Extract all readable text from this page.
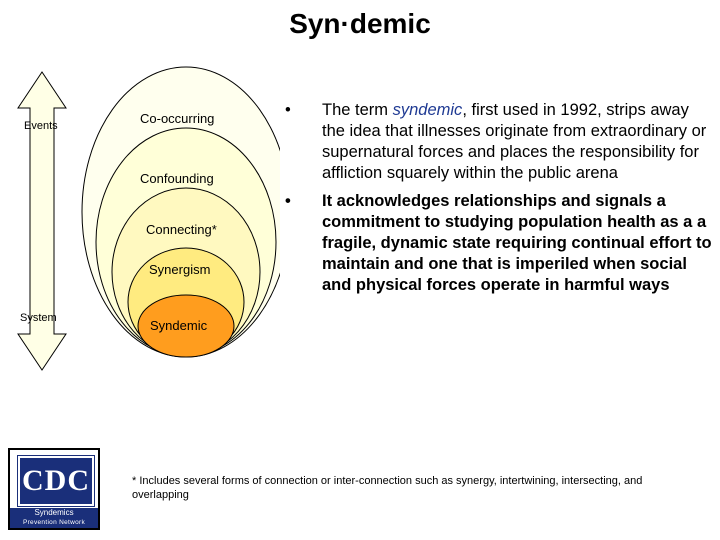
Syn·demic
Events
System
Co-occurring
Confounding
Connecting*
Synergism
Syndemic
•	The term syndemic, first used in 1992, strips away the idea that illnesses originate from extraordinary or supernatural forces and places the responsibility for affliction squarely within the public arena
•	It acknowledges relationships and signals a commitment to studying population health as a a fragile, dynamic state requiring continual effort to maintain and one that is imperiled when social and physical forces operate in harmful ways
* Includes several forms of connection or inter-connection such as synergy, intertwining, intersecting, and overlapping
CDC
Syndemics
Prevention Network
